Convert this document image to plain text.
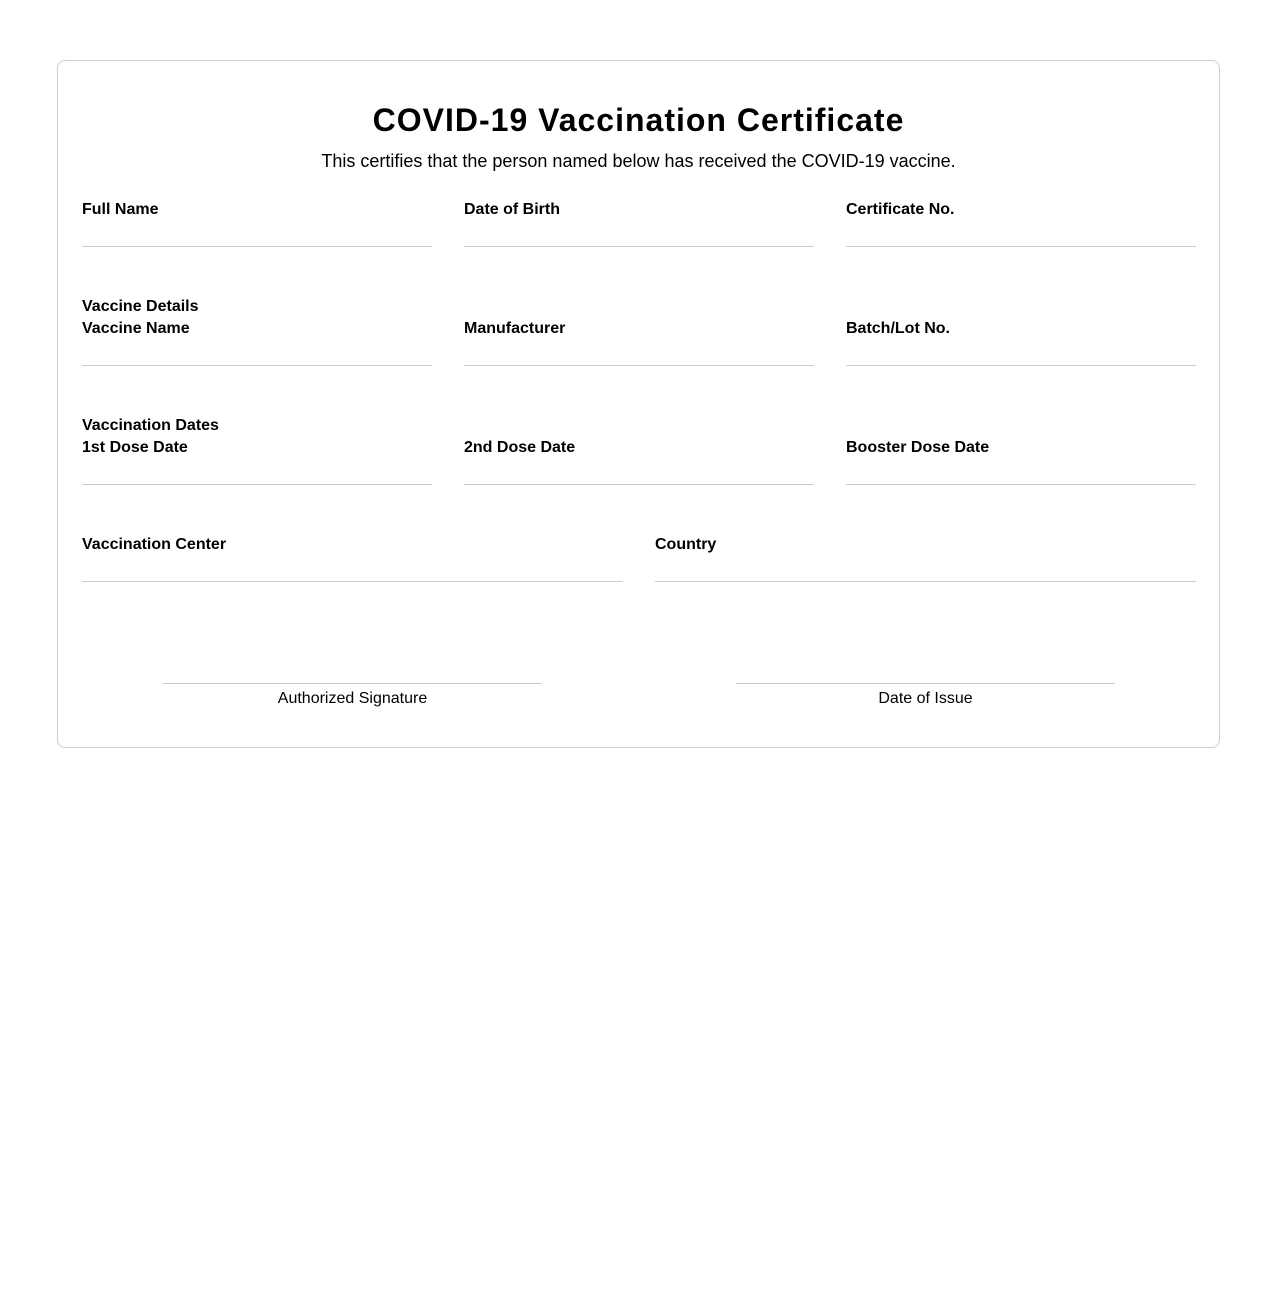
COVID-19 Vaccination Certificate

This certifies that the person named below has received the COVID-19 vaccine.

Full Name	Date of Birth	Certificate No.
Vaccine Details
Vaccine Name	Manufacturer	Batch/Lot No.
Vaccination Dates
1st Dose Date	2nd Dose Date	Booster Dose Date
Vaccination Center	Country
Authorized Signature	Date of Issue
